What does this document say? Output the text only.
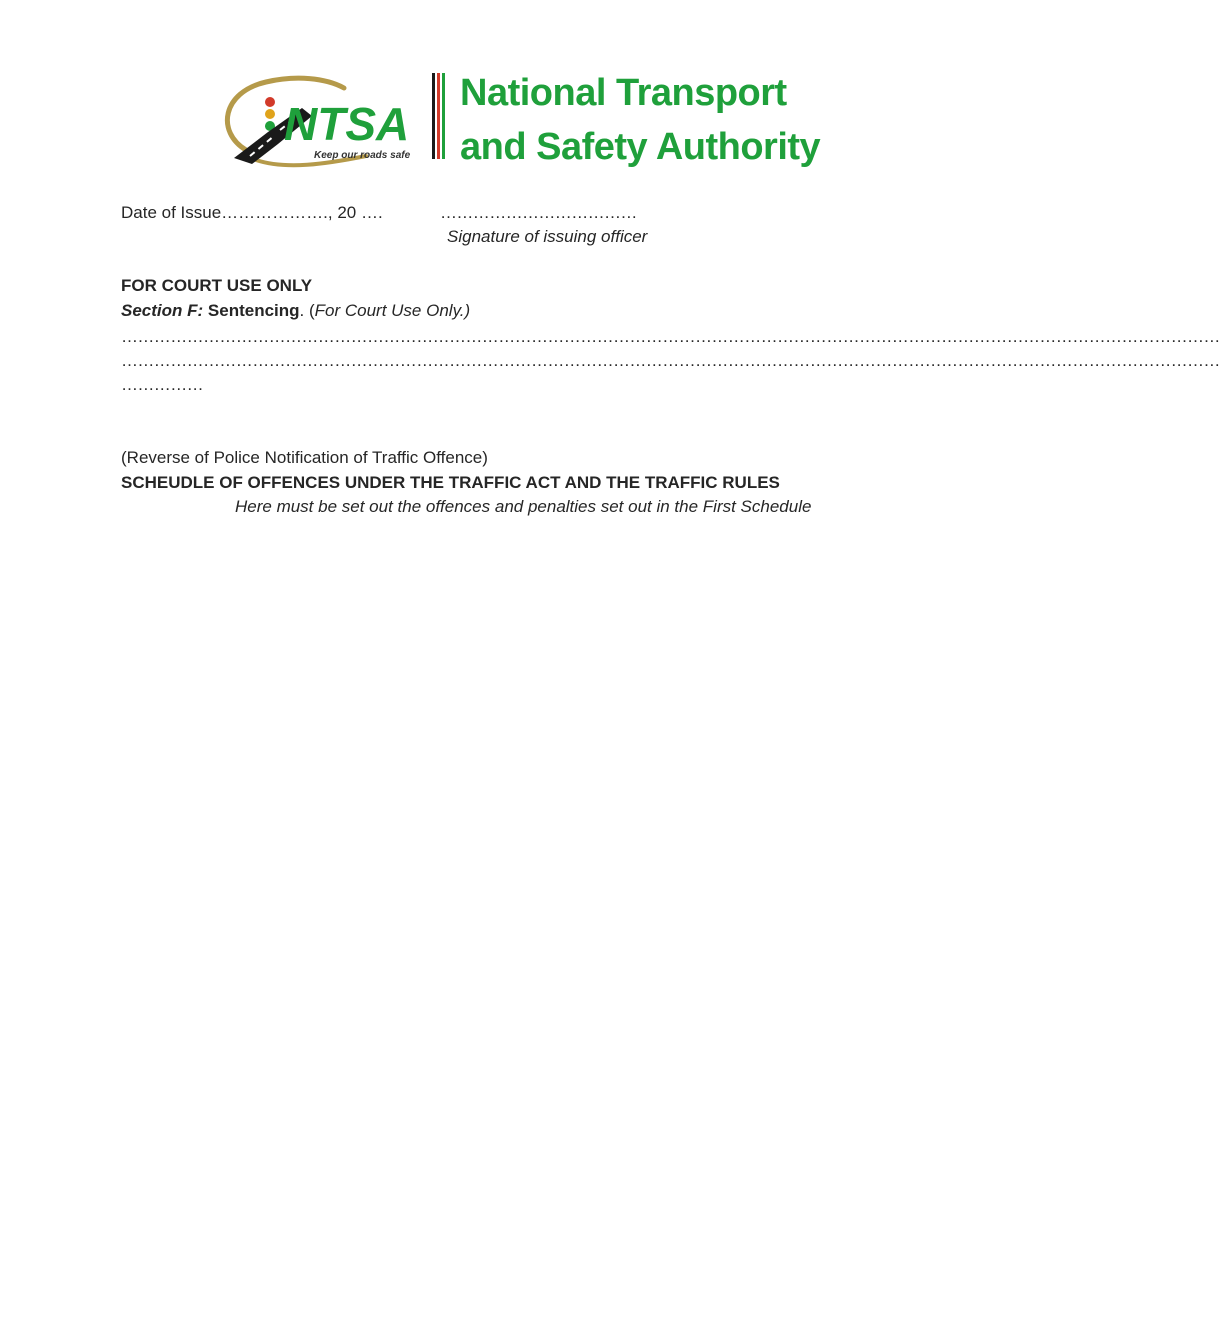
NTSA
Keep our roads safe
National Transport
and Safety Authority
Date of Issue………………., 20 ….	………………………………
Signature of issuing officer
FOR COURT USE ONLY
Section F: Sentencing. (For Court Use Only.)
…………………………………………………………………………………………………………………………………………………………………………………
…………………………………………………………………………………………………………………………………………………………………………………
……………
(Reverse of Police Notification of Traffic Offence)
SCHEUDLE OF OFFENCES UNDER THE TRAFFIC ACT AND THE TRAFFIC RULES
Here must be set out the offences and penalties set out in the First Schedule
